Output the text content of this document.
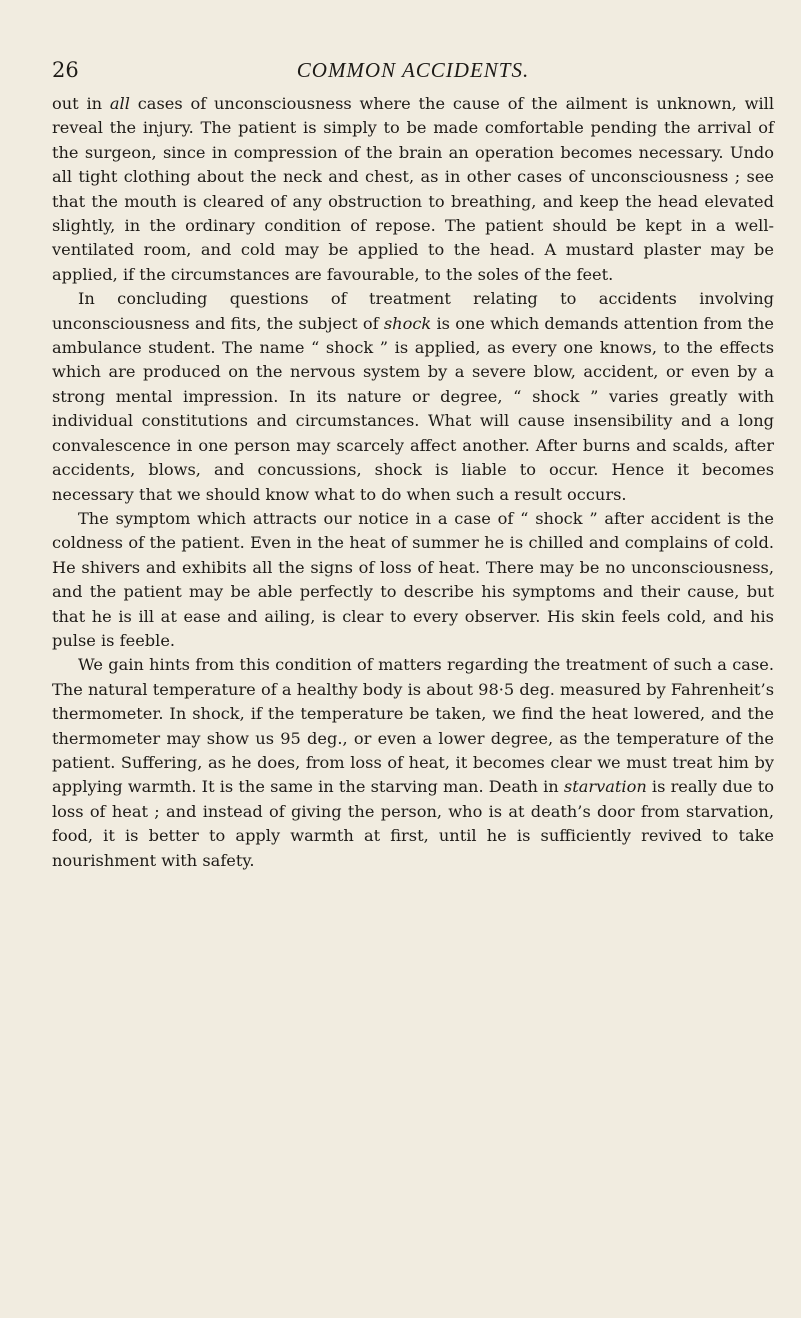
26	COMMON ACCIDENTS.

out in all cases of unconsciousness where the cause of the ailment is unknown, will reveal the injury. The patient is simply to be made comfortable pending the arrival of the surgeon, since in compression of the brain an operation becomes necessary. Undo all tight clothing about the neck and chest, as in other cases of unconsciousness ; see that the mouth is cleared of any obstruction to breathing, and keep the head elevated slightly, in the ordinary condition of repose. The patient should be kept in a well-ventilated room, and cold may be applied to the head. A mustard plaster may be applied, if the circumstances are favourable, to the soles of the feet.

In concluding questions of treatment relating to accidents involving unconsciousness and fits, the subject of shock is one which demands attention from the ambulance student. The name “ shock ” is applied, as every one knows, to the effects which are produced on the nervous system by a severe blow, accident, or even by a strong mental impression. In its nature or degree, “ shock ” varies greatly with individual constitutions and circumstances. What will cause insensibility and a long convalescence in one person may scarcely affect another. After burns and scalds, after accidents, blows, and concussions, shock is liable to occur. Hence it becomes necessary that we should know what to do when such a result occurs.

The symptom which attracts our notice in a case of “ shock ” after accident is the coldness of the patient. Even in the heat of summer he is chilled and complains of cold. He shivers and exhibits all the signs of loss of heat. There may be no unconsciousness, and the patient may be able perfectly to describe his symptoms and their cause, but that he is ill at ease and ailing, is clear to every observer. His skin feels cold, and his pulse is feeble.

We gain hints from this condition of matters regarding the treatment of such a case. The natural temperature of a healthy body is about 98·5 deg. measured by Fahrenheit’s thermometer. In shock, if the temperature be taken, we find the heat lowered, and the thermometer may show us 95 deg., or even a lower degree, as the temperature of the patient. Suffering, as he does, from loss of heat, it becomes clear we must treat him by applying warmth. It is the same in the starving man. Death in starvation is really due to loss of heat ; and instead of giving the person, who is at death’s door from starvation, food, it is better to apply warmth at first, until he is sufficiently revived to take nourishment with safety.
